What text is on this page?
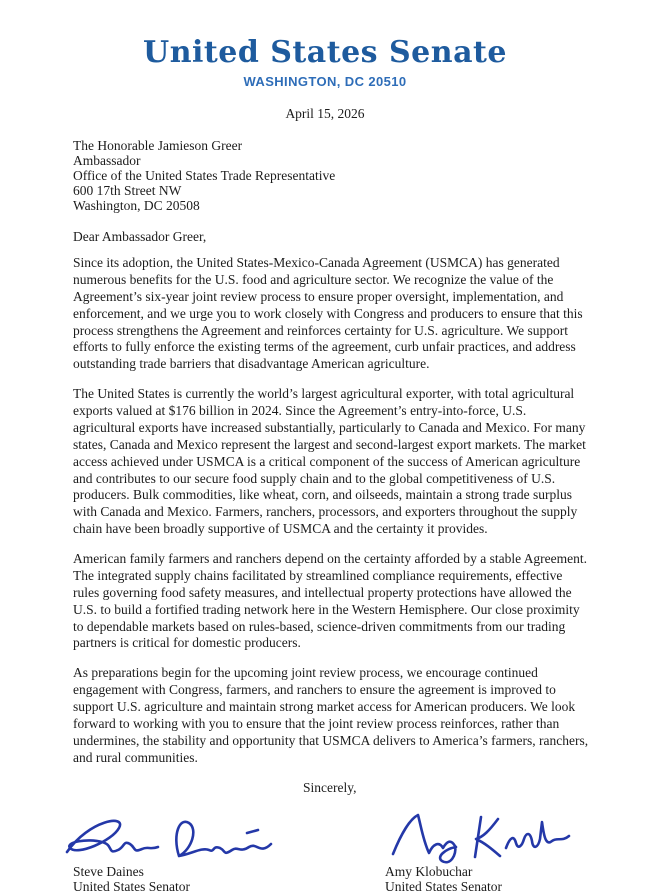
United States Senate
WASHINGTON, DC 20510
April 15, 2026
The Honorable Jamieson Greer
Ambassador
Office of the United States Trade Representative
600 17th Street NW
Washington, DC 20508

Dear Ambassador Greer,

Since its adoption, the United States-Mexico-Canada Agreement (USMCA) has generated numerous benefits for the U.S. food and agriculture sector. We recognize the value of the Agreement’s six-year joint review process to ensure proper oversight, implementation, and enforcement, and we urge you to work closely with Congress and producers to ensure that this process strengthens the Agreement and reinforces certainty for U.S. agriculture. We support efforts to fully enforce the existing terms of the agreement, curb unfair practices, and address outstanding trade barriers that disadvantage American agriculture.

The United States is currently the world’s largest agricultural exporter, with total agricultural exports valued at $176 billion in 2024. Since the Agreement’s entry-into-force, U.S. agricultural exports have increased substantially, particularly to Canada and Mexico. For many states, Canada and Mexico represent the largest and second-largest export markets. The market access achieved under USMCA is a critical component of the success of American agriculture and contributes to our secure food supply chain and to the global competitiveness of U.S. producers. Bulk commodities, like wheat, corn, and oilseeds, maintain a strong trade surplus with Canada and Mexico. Farmers, ranchers, processors, and exporters throughout the supply chain have been broadly supportive of USMCA and the certainty it provides.

American family farmers and ranchers depend on the certainty afforded by a stable Agreement. The integrated supply chains facilitated by streamlined compliance requirements, effective rules governing food safety measures, and intellectual property protections have allowed the U.S. to build a fortified trading network here in the Western Hemisphere. Our close proximity to dependable markets based on rules-based, science-driven commitments from our trading partners is critical for domestic producers.

As preparations begin for the upcoming joint review process, we encourage continued engagement with Congress, farmers, and ranchers to ensure the agreement is improved to support U.S. agriculture and maintain strong market access for American producers. We look forward to working with you to ensure that the joint review process reinforces, rather than undermines, the stability and opportunity that USMCA delivers to America’s farmers, ranchers, and rural communities.

Sincerely,
Steve Daines
United States Senator
Amy Klobuchar
United States Senator
